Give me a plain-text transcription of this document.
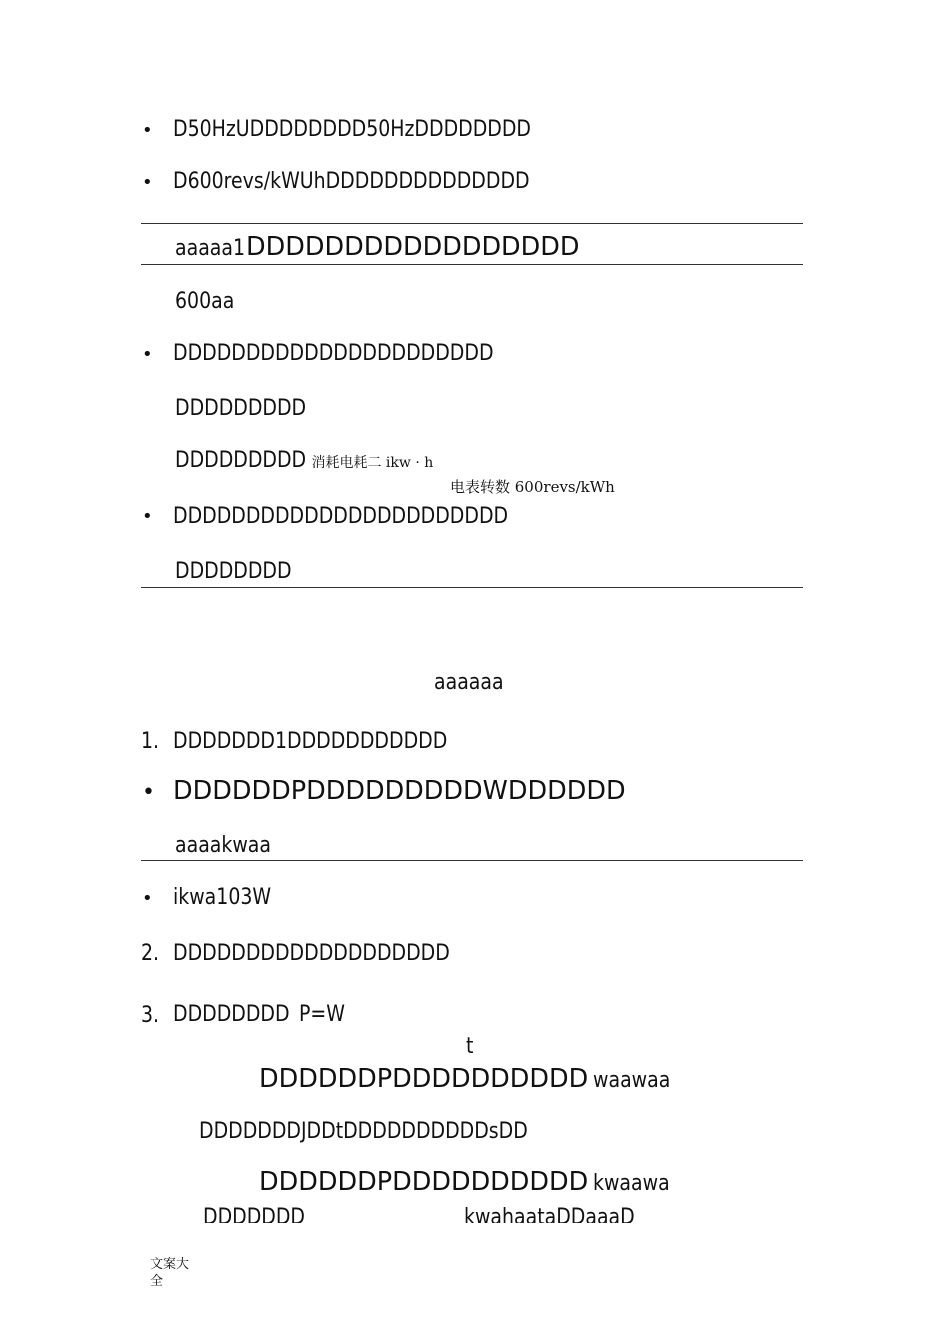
• D50HzUDDDDDDDD50HzDDDDDDDD
• D600revs/kWUhDDDDDDDDDDDDDD
aaaaa1DDDDDDDDDDDDDDDDD
600aa
• DDDDDDDDDDDDDDDDDDDDDD
DDDDDDDDD
DDDDDDDDD 消耗电耗二 ikw · h
电表转数 600revs/kWh
• DDDDDDDDDDDDDDDDDDDDDDD
DDDDDDDD
aaaaaa
1. DDDDDDD1DDDDDDDDDDD
• DDDDDDPDDDDDDDDDWDDDDDD
aaaakwaa
• ikwa103W
2. DDDDDDDDDDDDDDDDDDD
3. DDDDDDDD P=W
t
DDDDDDPDDDDDDDDDD waawaa
DDDDDDDJDDtDDDDDDDDDDsDD
DDDDDDPDDDDDDDDDD kwaawa
DDDDDDD	kwahaataDDaaaD
文案大全
